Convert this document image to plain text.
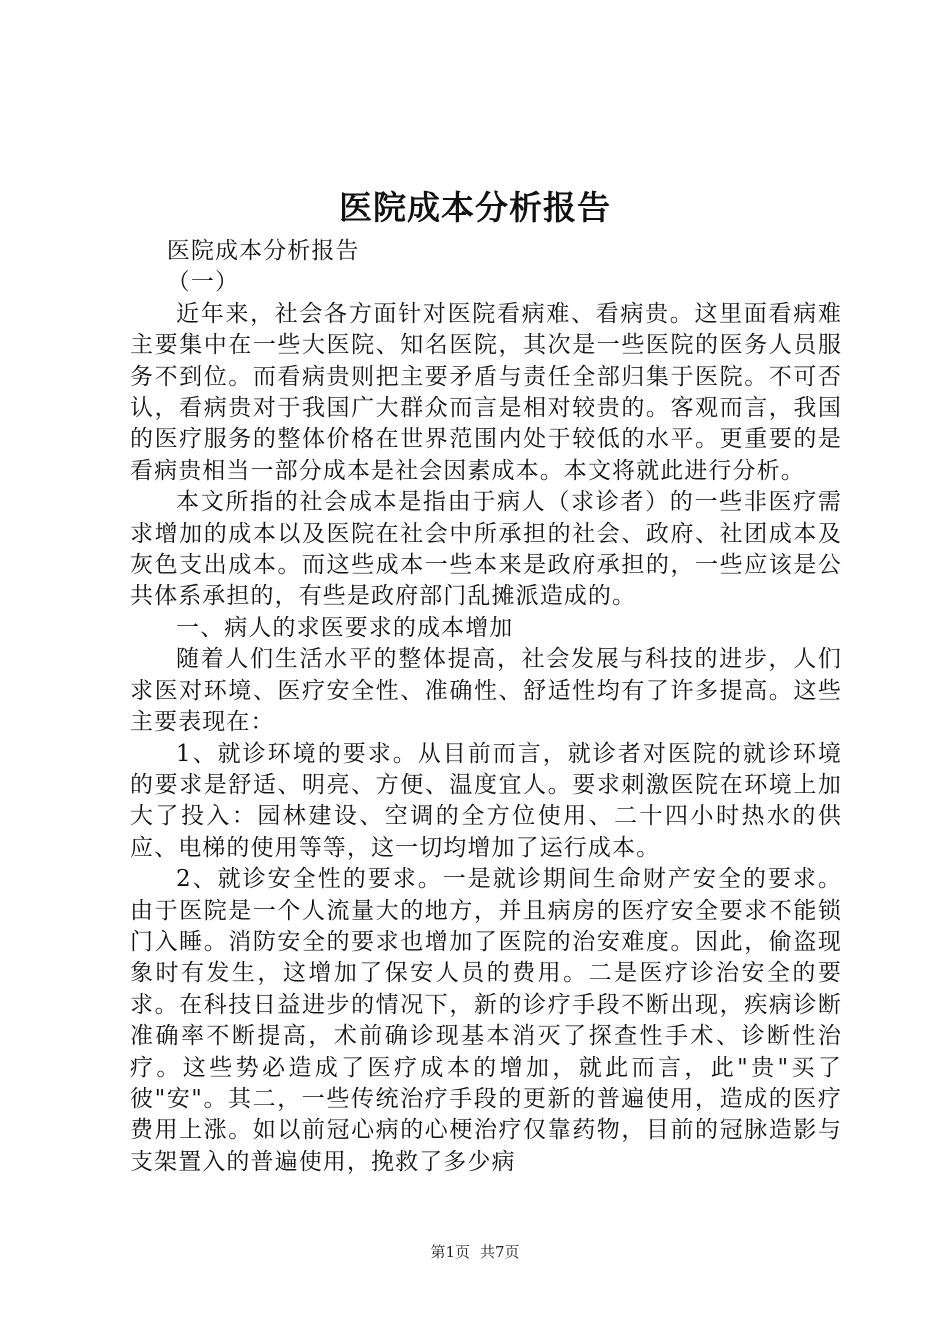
医院成本分析报告

医院成本分析报告

（一）

近年来，社会各方面针对医院看病难、看病贵。这里面看病难主要集中在一些大医院、知名医院，其次是一些医院的医务人员服务不到位。而看病贵则把主要矛盾与责任全部归集于医院。不可否认，看病贵对于我国广大群众而言是相对较贵的。客观而言，我国的医疗服务的整体价格在世界范围内处于较低的水平。更重要的是看病贵相当一部分成本是社会因素成本。本文将就此进行分析。

本文所指的社会成本是指由于病人（求诊者）的一些非医疗需求增加的成本以及医院在社会中所承担的社会、政府、社团成本及灰色支出成本。而这些成本一些本来是政府承担的，一些应该是公共体系承担的，有些是政府部门乱摊派造成的。

一、病人的求医要求的成本增加

随着人们生活水平的整体提高，社会发展与科技的进步，人们求医对环境、医疗安全性、准确性、舒适性均有了许多提高。这些主要表现在：

1、就诊环境的要求。从目前而言，就诊者对医院的就诊环境的要求是舒适、明亮、方便、温度宜人。要求刺激医院在环境上加大了投入：园林建设、空调的全方位使用、二十四小时热水的供应、电梯的使用等等，这一切均增加了运行成本。

2、就诊安全性的要求。一是就诊期间生命财产安全的要求。由于医院是一个人流量大的地方，并且病房的医疗安全要求不能锁门入睡。消防安全的要求也增加了医院的治安难度。因此，偷盗现象时有发生，这增加了保安人员的费用。二是医疗诊治安全的要求。在科技日益进步的情况下，新的诊疗手段不断出现，疾病诊断准确率不断提高，术前确诊现基本消灭了探查性手术、诊断性治疗。这些势必造成了医疗成本的增加，就此而言，此"贵"买了彼"安"。其二，一些传统治疗手段的更新的普遍使用，造成的医疗费用上涨。如以前冠心病的心梗治疗仅靠药物，目前的冠脉造影与支架置入的普遍使用，挽救了多少病

第1页 共7页
